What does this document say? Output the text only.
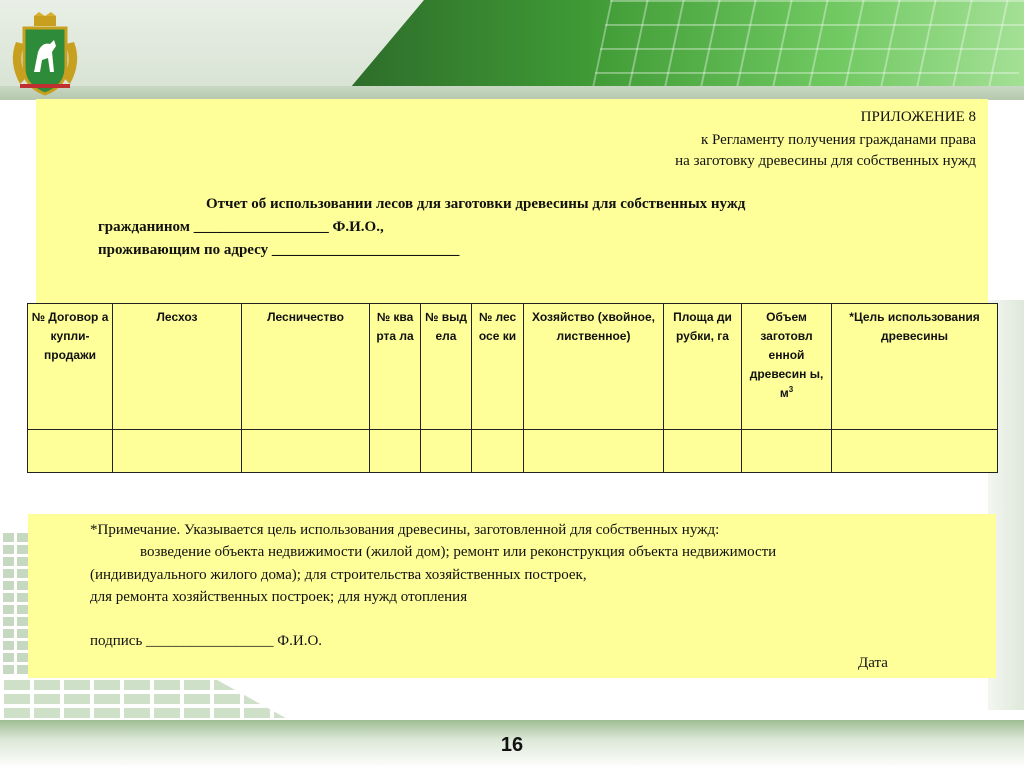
ПРИЛОЖЕНИЕ 8
к Регламенту получения гражданами права
на заготовку древесины для собственных нужд
Отчет об использовании лесов для заготовки древесины для собственных нужд
гражданином __________________ Ф.И.О.,
проживающим по адресу _________________________
№ Договор а купли-продажи	Лесхоз	Лесничество	№ ква рта ла	№ выд ела	№ лес осе ки	Хозяйство (хвойное, лиственное)	Площа ди рубки, га	Объем заготовл енной древесин ы, $м^3$	*Цель использования древесины

*Примечание. Указывается цель использования древесины, заготовленной для собственных нужд:
возведение объекта недвижимости (жилой дом); ремонт или реконструкция объекта недвижимости
(индивидуального жилого дома); для строительства хозяйственных построек,
для ремонта хозяйственных построек; для нужд отопления
подпись _________________ Ф.И.О.
Дата
16
